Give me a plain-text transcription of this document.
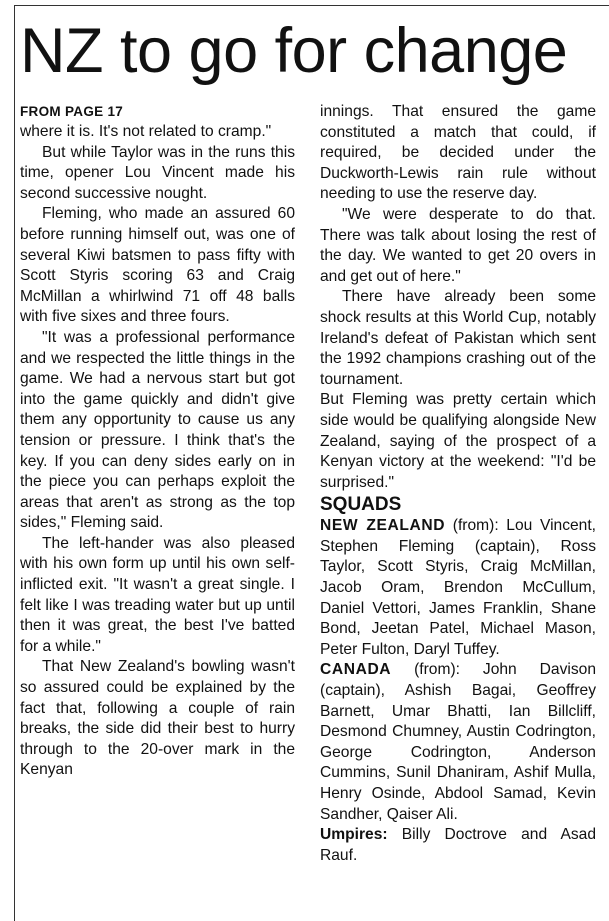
NZ to go for change
FROM PAGE 17

where it is. It's not related to cramp."

But while Taylor was in the runs this time, opener Lou Vincent made his second successive nought.

Fleming, who made an assured 60 before running himself out, was one of several Kiwi batsmen to pass fifty with Scott Styris scoring 63 and Craig McMillan a whirlwind 71 off 48 balls with five sixes and three fours.

"It was a professional performance and we respected the little things in the game. We had a nervous start but got into the game quickly and didn't give them any opportunity to cause us any tension or pressure. I think that's the key. If you can deny sides early on in the piece you can perhaps exploit the areas that aren't as strong as the top sides," Fleming said.

The left-hander was also pleased with his own form up until his own self-inflicted exit. "It wasn't a great single. I felt like I was treading water but up until then it was great, the best I've batted for a while."

That New Zealand's bowling wasn't so assured could be explained by the fact that, following a couple of rain breaks, the side did their best to hurry through to the 20-over mark in the Kenyan

innings. That ensured the game constituted a match that could, if required, be decided under the Duckworth-Lewis rain rule without needing to use the reserve day.

"We were desperate to do that. There was talk about losing the rest of the day. We wanted to get 20 overs in and get out of here."

There have already been some shock results at this World Cup, notably Ireland's defeat of Pakistan which sent the 1992 champions crashing out of the tournament.

But Fleming was pretty certain which side would be qualifying alongside New Zealand, saying of the prospect of a Kenyan victory at the weekend: "I'd be surprised."

SQUADS

NEW ZEALAND (from): Lou Vincent, Stephen Fleming (captain), Ross Taylor, Scott Styris, Craig McMillan, Jacob Oram, Brendon McCullum, Daniel Vettori, James Franklin, Shane Bond, Jeetan Patel, Michael Mason, Peter Fulton, Daryl Tuffey.

CANADA (from): John Davison (captain), Ashish Bagai, Geoffrey Barnett, Umar Bhatti, Ian Billcliff, Desmond Chumney, Austin Codrington, George Codrington, Anderson Cummins, Sunil Dhaniram, Ashif Mulla, Henry Osinde, Abdool Samad, Kevin Sandher, Qaiser Ali.

Umpires: Billy Doctrove and Asad Rauf.
